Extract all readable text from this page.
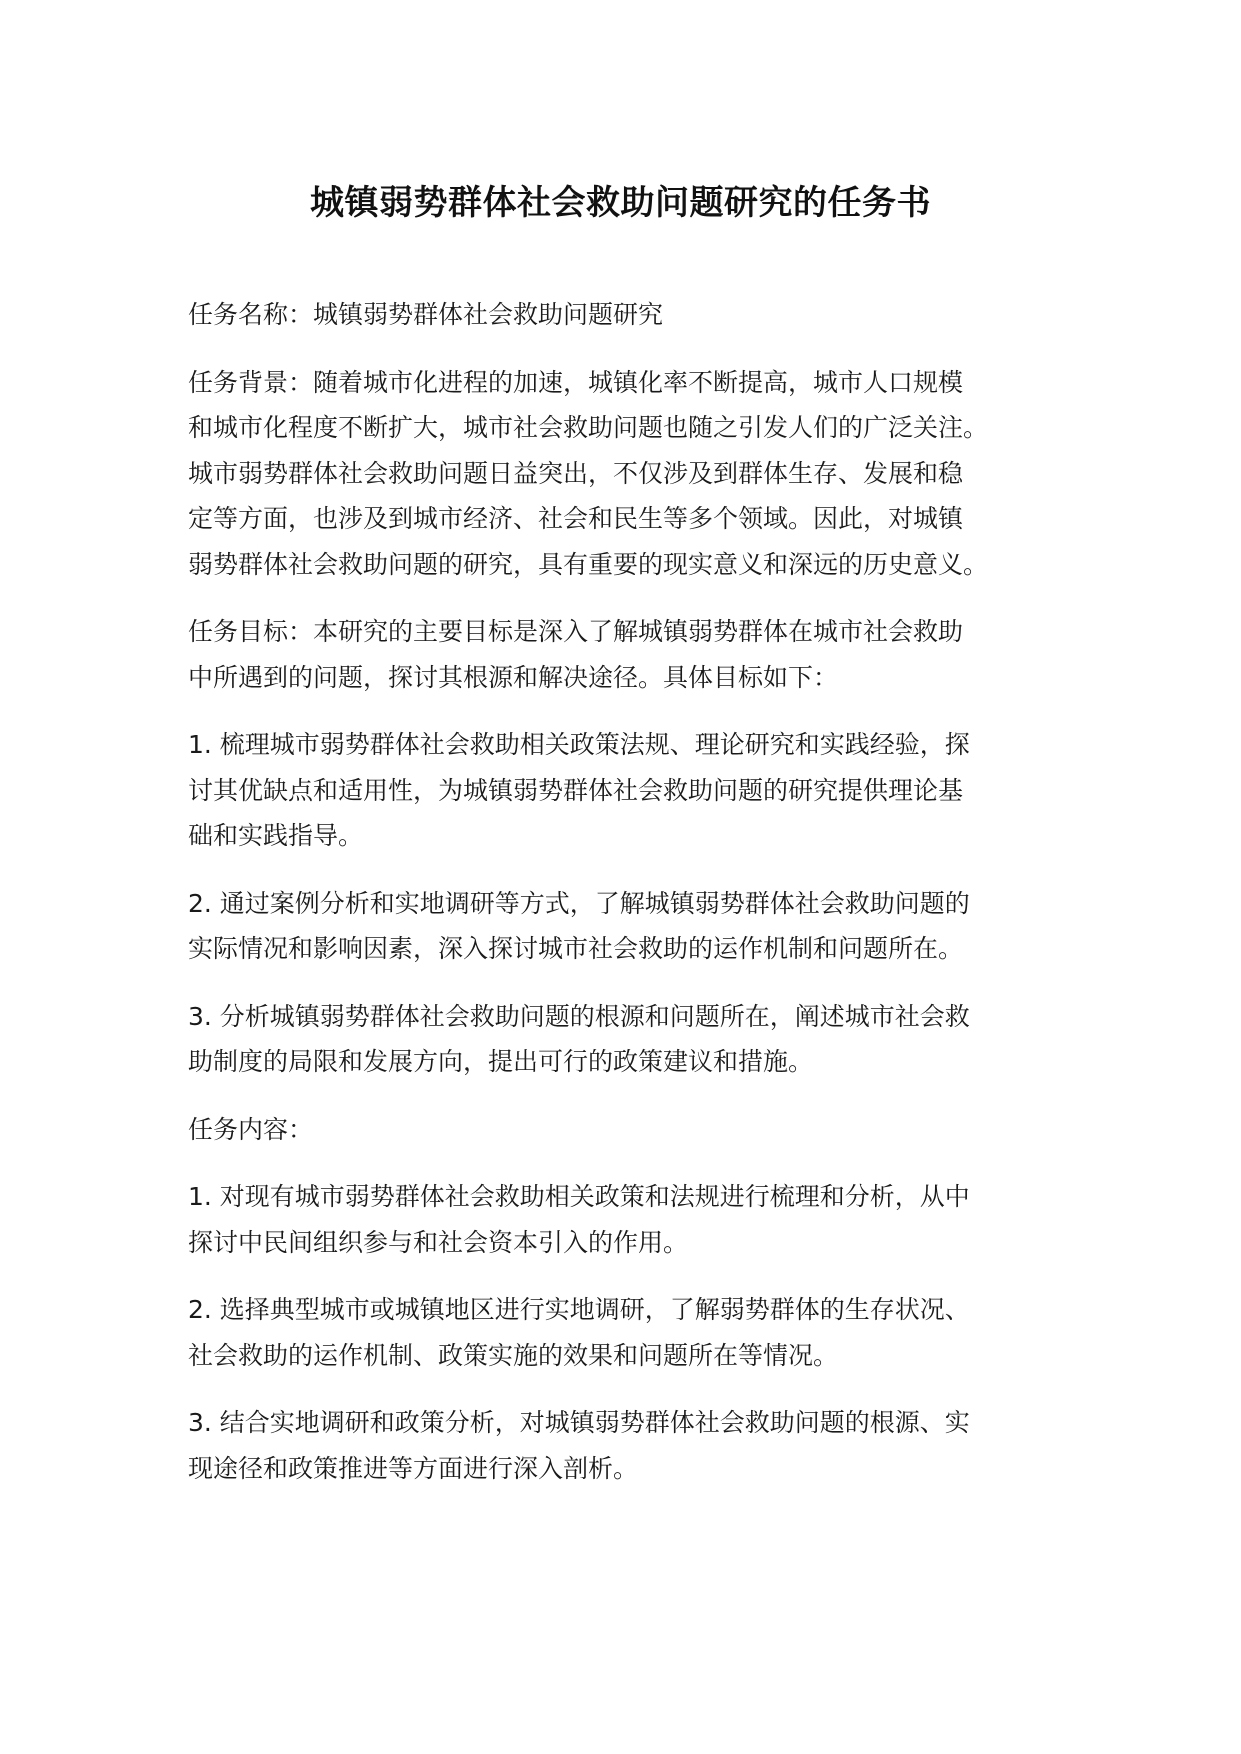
城镇弱势群体社会救助问题研究的任务书

任务名称：城镇弱势群体社会救助问题研究

任务背景：随着城市化进程的加速，城镇化率不断提高，城市人口规模
和城市化程度不断扩大，城市社会救助问题也随之引发人们的广泛关注。
城市弱势群体社会救助问题日益突出，不仅涉及到群体生存、发展和稳
定等方面，也涉及到城市经济、社会和民生等多个领域。因此，对城镇
弱势群体社会救助问题的研究，具有重要的现实意义和深远的历史意义。

任务目标：本研究的主要目标是深入了解城镇弱势群体在城市社会救助
中所遇到的问题，探讨其根源和解决途径。具体目标如下：

1. 梳理城市弱势群体社会救助相关政策法规、理论研究和实践经验，探
讨其优缺点和适用性，为城镇弱势群体社会救助问题的研究提供理论基
础和实践指导。

2. 通过案例分析和实地调研等方式，了解城镇弱势群体社会救助问题的
实际情况和影响因素，深入探讨城市社会救助的运作机制和问题所在。

3. 分析城镇弱势群体社会救助问题的根源和问题所在，阐述城市社会救
助制度的局限和发展方向，提出可行的政策建议和措施。

任务内容：

1. 对现有城市弱势群体社会救助相关政策和法规进行梳理和分析，从中
探讨中民间组织参与和社会资本引入的作用。

2. 选择典型城市或城镇地区进行实地调研，了解弱势群体的生存状况、
社会救助的运作机制、政策实施的效果和问题所在等情况。

3. 结合实地调研和政策分析，对城镇弱势群体社会救助问题的根源、实
现途径和政策推进等方面进行深入剖析。
